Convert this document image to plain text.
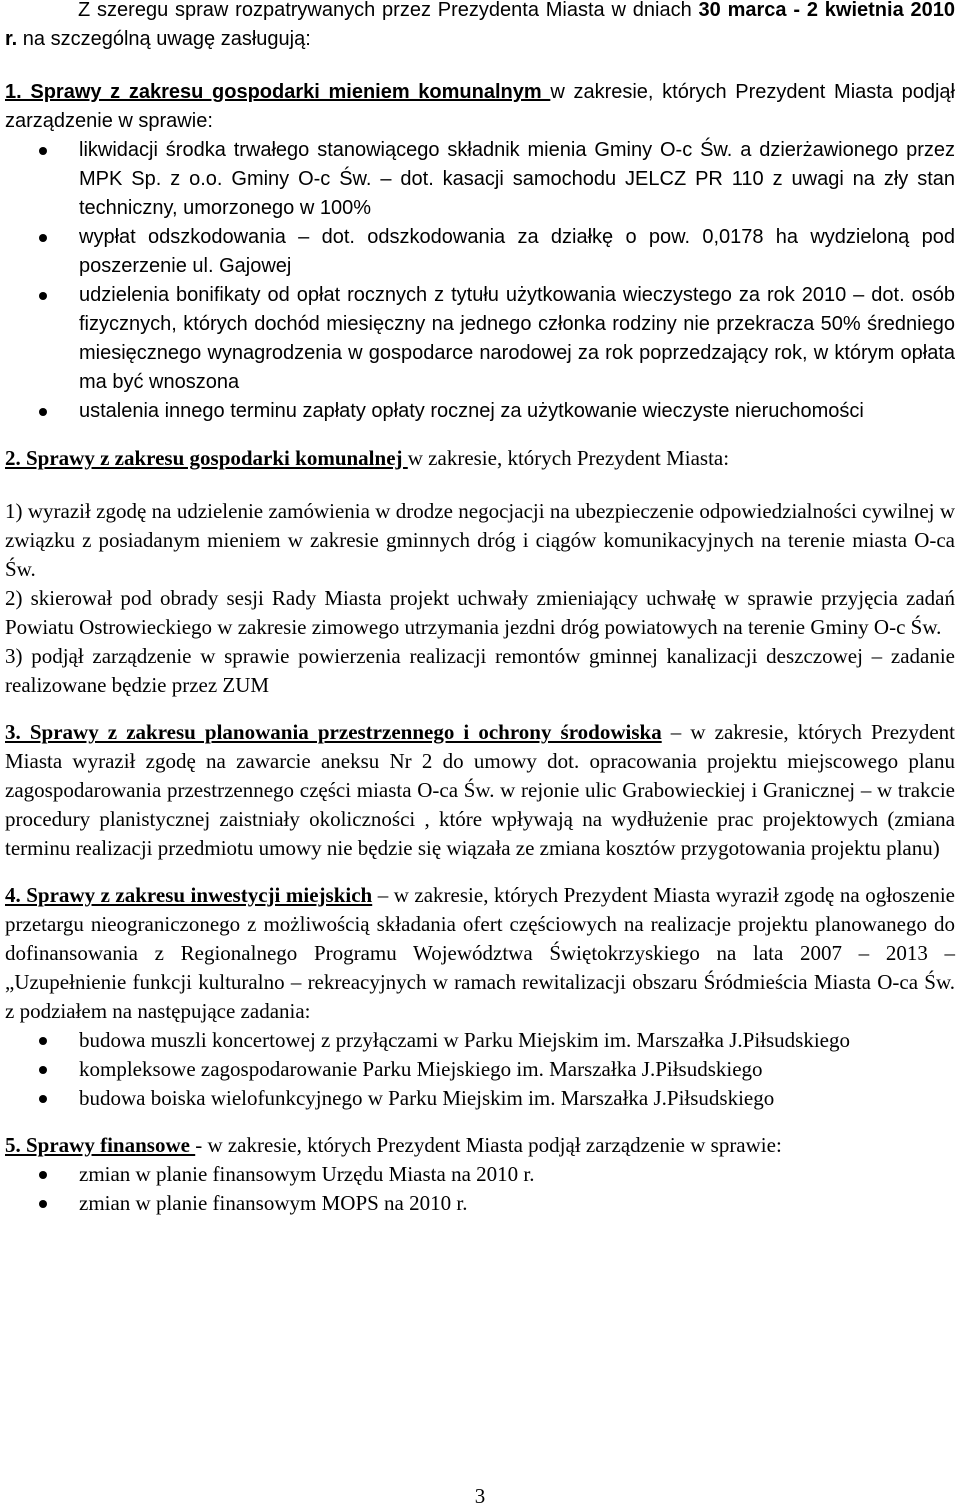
Z szeregu spraw rozpatrywanych przez Prezydenta Miasta w dniach 30 marca - 2 kwietnia 2010 r. na szczególną uwagę zasługują:

1. Sprawy z zakresu gospodarki mieniem komunalnym w zakresie, których Prezydent Miasta podjął zarządzenie w sprawie:

likwidacji środka trwałego stanowiącego składnik mienia Gminy O-c Św. a dzierżawionego przez MPK Sp. z o.o. Gminy O-c Św. – dot. kasacji samochodu JELCZ PR 110 z uwagi na zły stan techniczny, umorzonego w 100%
wypłat odszkodowania – dot. odszkodowania za działkę o pow. 0,0178 ha wydzieloną pod poszerzenie ul. Gajowej
udzielenia bonifikaty od opłat rocznych z tytułu użytkowania wieczystego za rok 2010 – dot. osób fizycznych, których dochód miesięczny na jednego członka rodziny nie przekracza 50% średniego miesięcznego wynagrodzenia w gospodarce narodowej za rok poprzedzający rok, w którym opłata ma być wnoszona
ustalenia innego terminu zapłaty opłaty rocznej za użytkowanie wieczyste nieruchomości

2. Sprawy z zakresu gospodarki komunalnej w zakresie, których Prezydent Miasta:

1) wyraził zgodę na udzielenie zamówienia w drodze negocjacji na ubezpieczenie odpowiedzialności cywilnej w związku z posiadanym mieniem w zakresie gminnych dróg i ciągów komunikacyjnych na terenie miasta O-ca Św.

2) skierował pod obrady sesji Rady Miasta projekt uchwały zmieniający uchwałę w sprawie przyjęcia zadań Powiatu Ostrowieckiego w zakresie zimowego utrzymania jezdni dróg powiatowych na terenie Gminy O-c Św.

3) podjął zarządzenie w sprawie powierzenia realizacji remontów gminnej kanalizacji deszczowej – zadanie realizowane będzie przez ZUM

3. Sprawy z zakresu planowania przestrzennego i ochrony środowiska – w zakresie, których Prezydent Miasta wyraził zgodę na zawarcie aneksu Nr 2 do umowy dot. opracowania projektu miejscowego planu zagospodarowania przestrzennego części miasta O-ca Św. w rejonie ulic Grabowieckiej i Granicznej – w trakcie procedury planistycznej zaistniały okoliczności , które wpływają na wydłużenie prac projektowych (zmiana terminu realizacji przedmiotu umowy nie będzie się wiązała ze zmiana kosztów przygotowania projektu planu)

4. Sprawy z zakresu inwestycji miejskich – w zakresie, których Prezydent Miasta wyraził zgodę na ogłoszenie przetargu nieograniczonego z możliwością składania ofert częściowych na realizacje projektu planowanego do dofinansowania z Regionalnego Programu Województwa Świętokrzyskiego na lata 2007 – 2013 – „Uzupełnienie funkcji kulturalno – rekreacyjnych w ramach rewitalizacji obszaru Śródmieścia Miasta O-ca Św. z podziałem na następujące zadania:

budowa muszli koncertowej z przyłączami w Parku Miejskim im. Marszałka J.Piłsudskiego
kompleksowe zagospodarowanie Parku Miejskiego im. Marszałka J.Piłsudskiego
budowa boiska wielofunkcyjnego w Parku Miejskim im. Marszałka J.Piłsudskiego

5. Sprawy finansowe - w zakresie, których Prezydent Miasta podjął zarządzenie w sprawie:

zmian w planie finansowym Urzędu Miasta na 2010 r.
zmian w planie finansowym MOPS na 2010 r.
3
